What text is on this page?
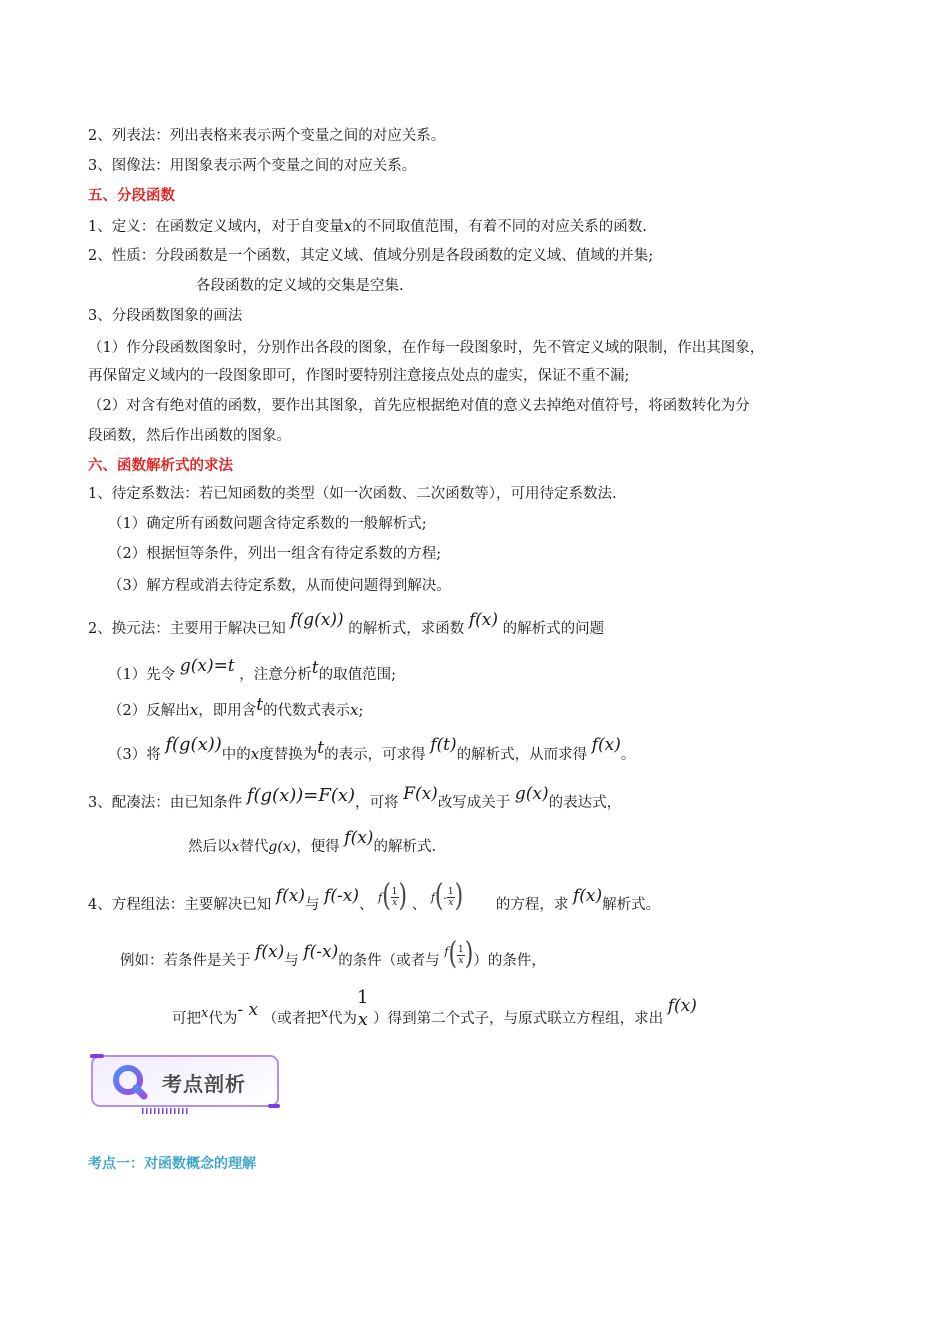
2、列表法：列出表格来表示两个变量之间的对应关系。
3、图像法：用图象表示两个变量之间的对应关系。
五、分段函数
1、定义：在函数定义域内，对于自变量x的不同取值范围，有着不同的对应关系的函数.
2、性质：分段函数是一个函数，其定义域、值域分别是各段函数的定义域、值域的并集;
各段函数的定义域的交集是空集.
3、分段函数图象的画法
（1）作分段函数图象时，分别作出各段的图象，在作每一段图象时，先不管定义域的限制，作出其图象，
再保留定义域内的一段图象即可，作图时要特别注意接点处点的虚实，保证不重不漏;
（2）对含有绝对值的函数，要作出其图象，首先应根据绝对值的意义去掉绝对值符号，将函数转化为分
段函数，然后作出函数的图象。
六、函数解析式的求法
1、待定系数法：若已知函数的类型（如一次函数、二次函数等），可用待定系数法.
（1）确定所有函数问题含待定系数的一般解析式;
（2）根据恒等条件，列出一组含有待定系数的方程;
（3）解方程或消去待定系数，从而使问题得到解决。
2、换元法：主要用于解决已知 f(g(x)) 的解析式，求函数 f(x) 的解析式的问题
（1）先令 g(x)=t ，注意分析t的取值范围;
（2）反解出x，即用含t的代数式表示x;
（3）将 f(g(x))中的x度替换为t的表示，可求得 f(t)的解析式，从而求得 f(x)。
3、配凑法：由已知条件 f(g(x))=F(x)，可将 F(x)改写成关于 g(x)的表达式，
然后以x替代g(x)，便得 f(x)的解析式.
4、方程组法：主要解决已知 f(x)与 f(-x)、 $^f( \frac{1}{x}$ ) 、 $^f(^- \frac{1}{x}$ ) 的方程，求 f(x)解析式。
例如：若条件是关于 f(x)与 f(-x)的条件（或者与 $^f( \frac{1}{x}$ )）的条件，
可把x代为- x （或者把x代为
1
x ）得到第二个式子，与原式联立方程组，求出 f(x)
考点剖析
考点一：对函数概念的理解
